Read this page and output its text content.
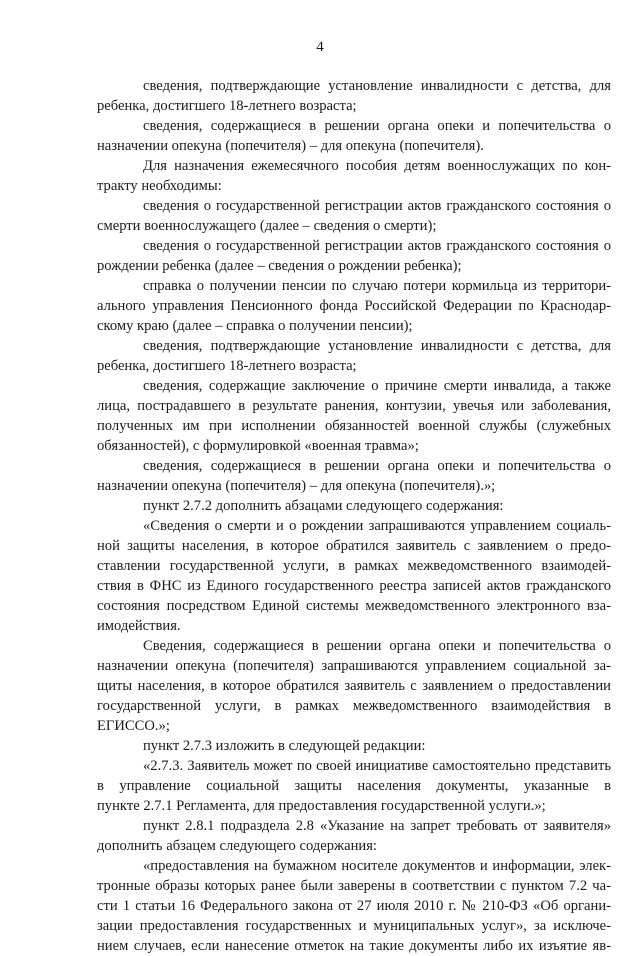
4
сведения, подтверждающие установление инвалидности с детства, для
ребенка, достигшего 18-летнего возраста;
сведения, содержащиеся в решении органа опеки и попечительства о
назначении опекуна (попечителя) – для опекуна (попечителя).
Для назначения ежемесячного пособия детям военнослужащих по кон-
тракту необходимы:
сведения о государственной регистрации актов гражданского состояния о
смерти военнослужащего (далее – сведения о смерти);
сведения о государственной регистрации актов гражданского состояния о
рождении ребенка (далее – сведения о рождении ребенка);
справка о получении пенсии по случаю потери кормильца из территори-
ального управления Пенсионного фонда Российской Федерации по Краснодар-
скому краю (далее – справка о получении пенсии);
сведения, подтверждающие установление инвалидности с детства, для
ребенка, достигшего 18-летнего возраста;
сведения, содержащие заключение о причине смерти инвалида, а также
лица, пострадавшего в результате ранения, контузии, увечья или заболевания,
полученных им при исполнении обязанностей военной службы (служебных
обязанностей), с формулировкой «военная травма»;
сведения, содержащиеся в решении органа опеки и попечительства о
назначении опекуна (попечителя) – для опекуна (попечителя).»;
пункт 2.7.2 дополнить абзацами следующего содержания:
«Сведения о смерти и о рождении запрашиваются управлением социаль-
ной защиты населения, в которое обратился заявитель с заявлением о предо-
ставлении государственной услуги, в рамках межведомственного взаимодей-
ствия в ФНС из Единого государственного реестра записей актов гражданского
состояния посредством Единой системы межведомственного электронного вза-
имодействия.
Сведения, содержащиеся в решении органа опеки и попечительства о
назначении опекуна (попечителя) запрашиваются управлением социальной за-
щиты населения, в которое обратился заявитель с заявлением о предоставлении
государственной услуги, в рамках межведомственного взаимодействия в
ЕГИССО.»;
пункт 2.7.3 изложить в следующей редакции:
«2.7.3. Заявитель может по своей инициативе самостоятельно представить
в управление социальной защиты населения документы, указанные в
пункте 2.7.1 Регламента, для предоставления государственной услуги.»;
пункт 2.8.1 подраздела 2.8 «Указание на запрет требовать от заявителя»
дополнить абзацем следующего содержания:
«предоставления на бумажном носителе документов и информации, элек-
тронные образы которых ранее были заверены в соответствии с пунктом 7.2 ча-
сти 1 статьи 16 Федерального закона от 27 июля 2010 г. № 210-ФЗ «Об органи-
зации предоставления государственных и муниципальных услуг», за исключе-
нием случаев, если нанесение отметок на такие документы либо их изъятие яв-
